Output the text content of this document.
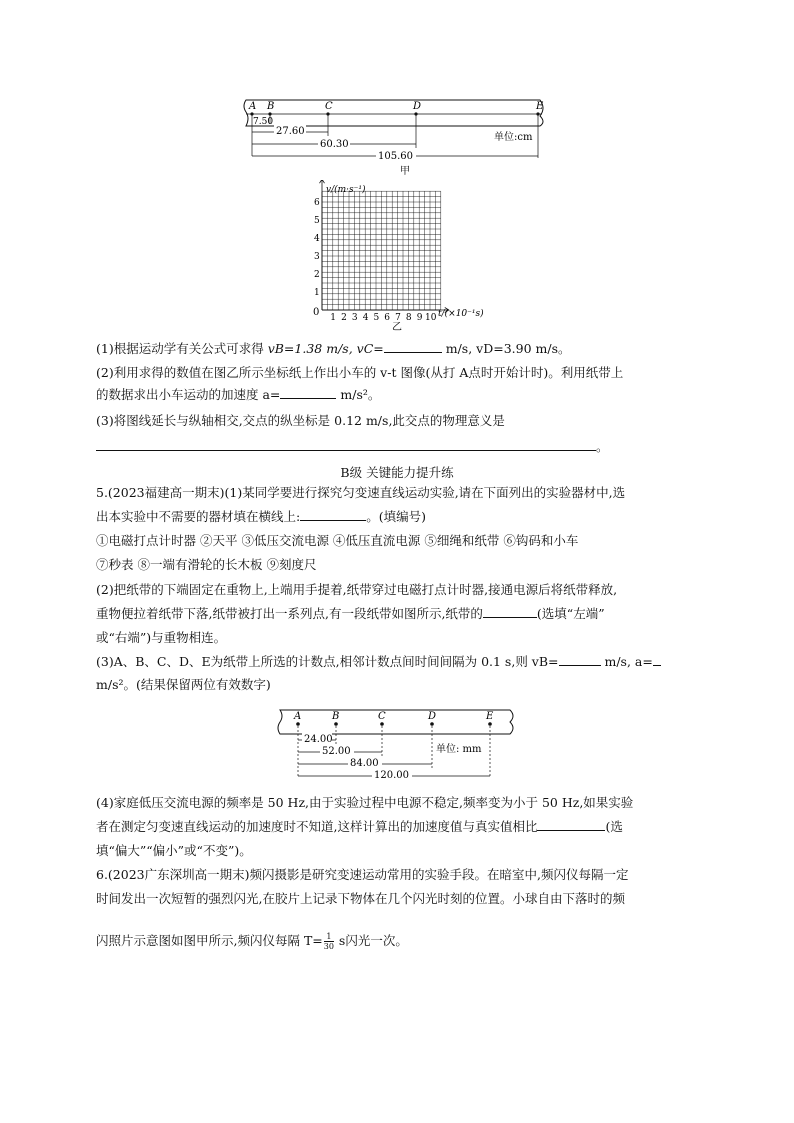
A B	C	D	E
7.50
27.60
60.30
105.60
单位:cm
甲
v/(m·s⁻¹)
t/(×10⁻¹s)
0
1
2
3
4
5
6
1 2 3 4 5 6 7 8 9 10
乙
(1)根据运动学有关公式可求得 vB=1.38 m/s, vC=	m/s, vD=3.90 m/s。
(2)利用求得的数值在图乙所示坐标纸上作出小车的 v-t 图像(从打 A点时开始计时)。利用纸带上
的数据求出小车运动的加速度 a=	m/s²。
(3)将图线延长与纵轴相交,交点的纵坐标是 0.12 m/s,此交点的物理意义是
。
B级 关键能力提升练
5.(2023福建高一期末)(1)某同学要进行探究匀变速直线运动实验,请在下面列出的实验器材中,选
出本实验中不需要的器材填在横线上:	。(填编号)
①电磁打点计时器 ②天平 ③低压交流电源 ④低压直流电源 ⑤细绳和纸带 ⑥钩码和小车
⑦秒表 ⑧一端有滑轮的长木板 ⑨刻度尺
(2)把纸带的下端固定在重物上,上端用手提着,纸带穿过电磁打点计时器,接通电源后将纸带释放,
重物便拉着纸带下落,纸带被打出一系列点,有一段纸带如图所示,纸带的	(选填“左端”
或“右端”)与重物相连。
(3)A、B、C、D、E为纸带上所选的计数点,相邻计数点间时间间隔为 0.1 s,则 vB=	m/s, a=
m/s²。(结果保留两位有效数字)
A	B	C	D	E
24.00
52.00
84.00
120.00
单位: mm
(4)家庭低压交流电源的频率是 50 Hz,由于实验过程中电源不稳定,频率变为小于 50 Hz,如果实验
者在测定匀变速直线运动的加速度时不知道,这样计算出的加速度值与真实值相比	(选
填“偏大”“偏小”或“不变”)。
6.(2023广东深圳高一期末)频闪摄影是研究变速运动常用的实验手段。在暗室中,频闪仪每隔一定
时间发出一次短暂的强烈闪光,在胶片上记录下物体在几个闪光时刻的位置。小球自由下落时的频
闪照片示意图如图甲所示,频闪仪每隔 $T= \frac{1}{30}$ s闪光一次。
